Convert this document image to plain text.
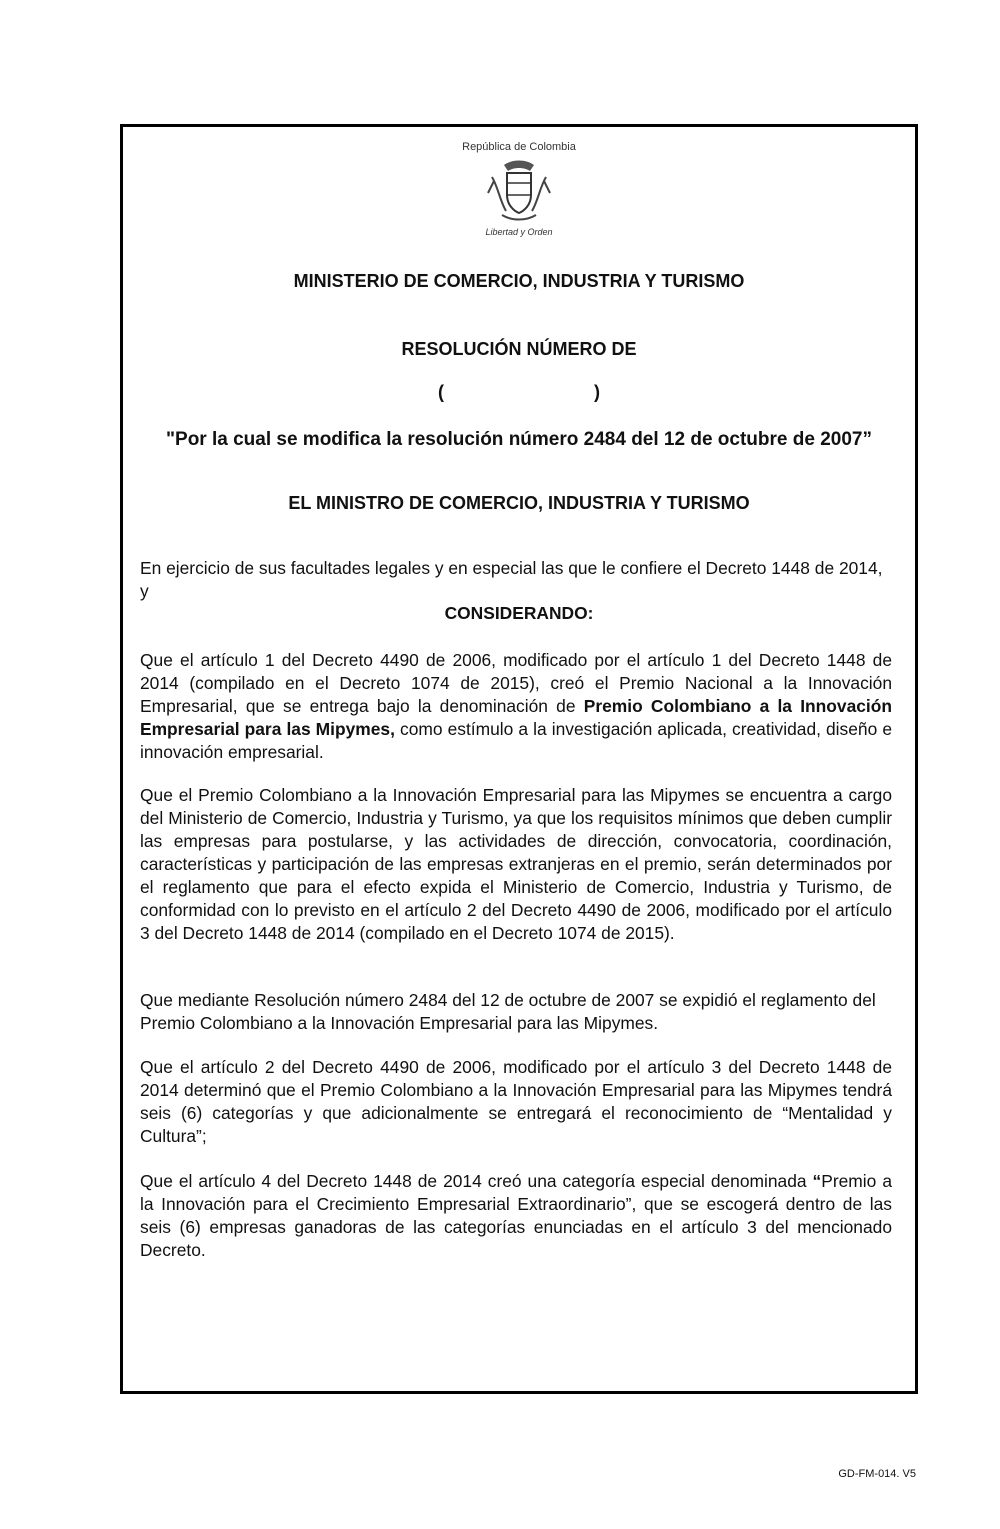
República de Colombia
Libertad y Orden
MINISTERIO DE COMERCIO, INDUSTRIA Y TURISMO
RESOLUCIÓN NÚMERO DE
(	)
"Por la cual se modifica la resolución número 2484 del 12 de octubre de 2007”
EL MINISTRO DE COMERCIO, INDUSTRIA Y TURISMO
En ejercicio de sus facultades legales y en especial las que le confiere el Decreto 1448 de 2014, y
CONSIDERANDO:
Que el artículo 1 del Decreto 4490 de 2006, modificado por el artículo 1 del Decreto 1448 de 2014 (compilado en el Decreto 1074 de 2015), creó el Premio Nacional a la Innovación Empresarial, que se entrega bajo la denominación de Premio Colombiano a la Innovación Empresarial para las Mipymes, como estímulo a la investigación aplicada, creatividad, diseño e innovación empresarial.
Que el Premio Colombiano a la Innovación Empresarial para las Mipymes se encuentra a cargo del Ministerio de Comercio, Industria y Turismo, ya que los requisitos mínimos que deben cumplir las empresas para postularse, y las actividades de dirección, convocatoria, coordinación, características y participación de las empresas extranjeras en el premio, serán determinados por el reglamento que para el efecto expida el Ministerio de Comercio, Industria y Turismo, de conformidad con lo previsto en el artículo 2 del Decreto 4490 de 2006, modificado por el artículo 3 del Decreto 1448 de 2014 (compilado en el Decreto 1074 de 2015).
Que mediante Resolución número 2484 del 12 de octubre de 2007 se expidió el reglamento del Premio Colombiano a la Innovación Empresarial para las Mipymes.
Que el artículo 2 del Decreto 4490 de 2006, modificado por el artículo 3 del Decreto 1448 de 2014 determinó que el Premio Colombiano a la Innovación Empresarial para las Mipymes tendrá seis (6) categorías y que adicionalmente se entregará el reconocimiento de “Mentalidad y Cultura”;
Que el artículo 4 del Decreto 1448 de 2014 creó una categoría especial denominada “Premio a la Innovación para el Crecimiento Empresarial Extraordinario”, que se escogerá dentro de las seis (6) empresas ganadoras de las categorías enunciadas en el artículo 3 del mencionado Decreto.
GD-FM-014. V5
